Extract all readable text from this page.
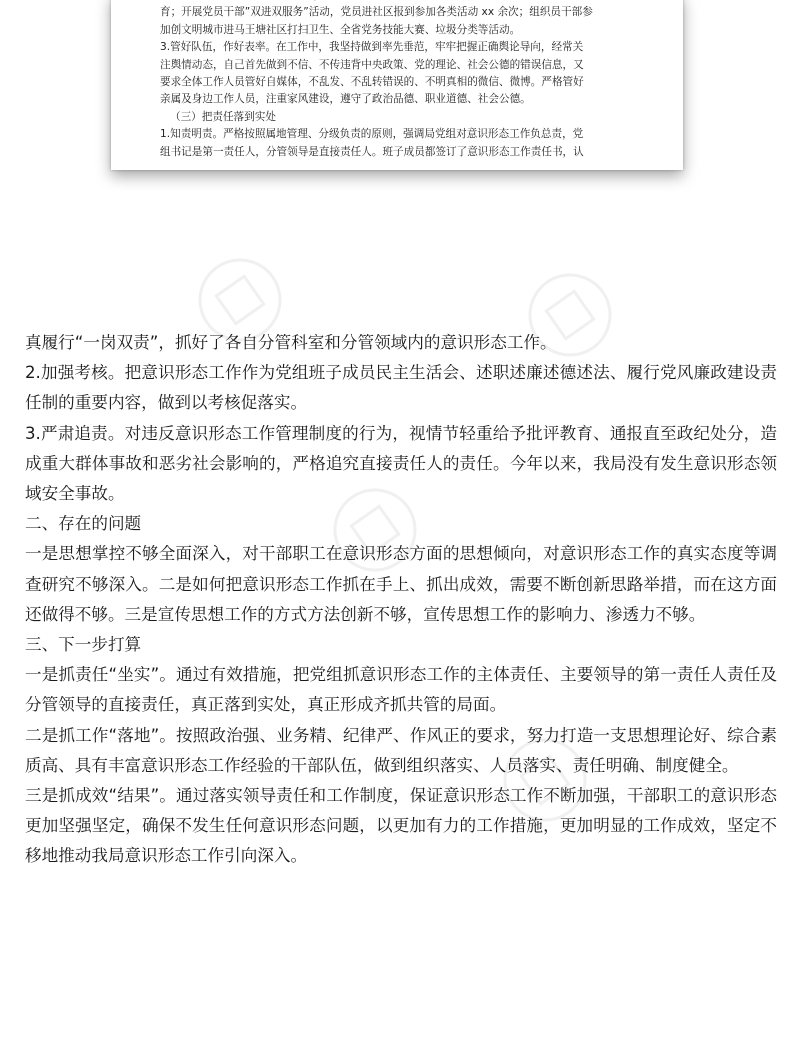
育；开展党员干部”双进双服务”活动，党员进社区报到参加各类活动 xx 余次；组织员干部参

加创文明城市进马王塘社区打扫卫生、全省党务技能大赛、垃圾分类等活动。

3.管好队伍，作好表率。在工作中，我坚持做到率先垂范，牢牢把握正确舆论导向，经常关

注舆情动态，自己首先做到不信、不传违背中央政策、党的理论、社会公德的错误信息，又

要求全体工作人员管好自媒体，不乱发、不乱转错误的、不明真相的微信、微博。严格管好

亲属及身边工作人员，注重家风建设，遵守了政治品德、职业道德、社会公德。

（三）把责任落到实处

1.知责明责。严格按照属地管理、分级负责的原则，强调局党组对意识形态工作负总责，党

组书记是第一责任人，分管领导是直接责任人。班子成员都签订了意识形态工作责任书，认

真履行“一岗双责”，抓好了各自分管科室和分管领域内的意识形态工作。

2.加强考核。把意识形态工作作为党组班子成员民主生活会、述职述廉述德述法、履行党风廉政建设责任制的重要内容，做到以考核促落实。

3.严肃追责。对违反意识形态工作管理制度的行为，视情节轻重给予批评教育、通报直至政纪处分，造成重大群体事故和恶劣社会影响的，严格追究直接责任人的责任。今年以来，我局没有发生意识形态领域安全事故。

二、存在的问题

一是思想掌控不够全面深入，对干部职工在意识形态方面的思想倾向，对意识形态工作的真实态度等调查研究不够深入。二是如何把意识形态工作抓在手上、抓出成效，需要不断创新思路举措，而在这方面还做得不够。三是宣传思想工作的方式方法创新不够，宣传思想工作的影响力、渗透力不够。

三、下一步打算

一是抓责任“坐实”。通过有效措施，把党组抓意识形态工作的主体责任、主要领导的第一责任人责任及分管领导的直接责任，真正落到实处，真正形成齐抓共管的局面。

二是抓工作“落地”。按照政治强、业务精、纪律严、作风正的要求，努力打造一支思想理论好、综合素质高、具有丰富意识形态工作经验的干部队伍，做到组织落实、人员落实、责任明确、制度健全。

三是抓成效“结果”。通过落实领导责任和工作制度，保证意识形态工作不断加强，干部职工的意识形态更加坚强坚定，确保不发生任何意识形态问题，以更加有力的工作措施，更加明显的工作成效，坚定不移地推动我局意识形态工作引向深入。
